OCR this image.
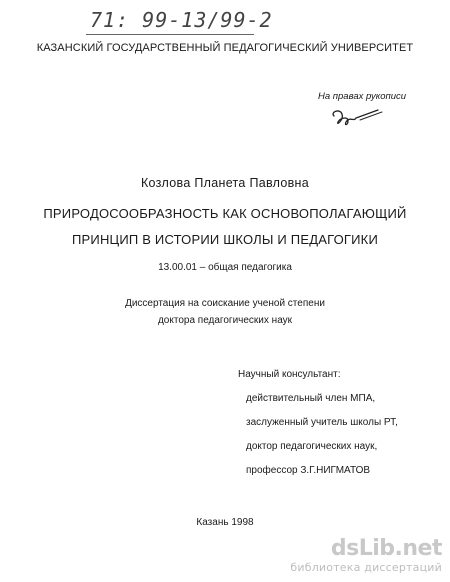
71: 99-13/99-2
КАЗАНСКИЙ ГОСУДАРСТВЕННЫЙ ПЕДАГОГИЧЕСКИЙ УНИВЕРСИТЕТ
На правах рукописи
Козлова Планета Павловна
ПРИРОДОСООБРАЗНОСТЬ КАК ОСНОВОПОЛАГАЮЩИЙ
ПРИНЦИП В ИСТОРИИ ШКОЛЫ И ПЕДАГОГИКИ
13.00.01 – общая педагогика
Диссертация на соискание ученой степени
доктора педагогических наук
Научный консультант:
действительный член МПА,
заслуженный учитель школы РТ,
доктор педагогических наук,
профессор З.Г.НИГМАТОВ
Казань 1998
dsLib.net
библиотека диссертаций
